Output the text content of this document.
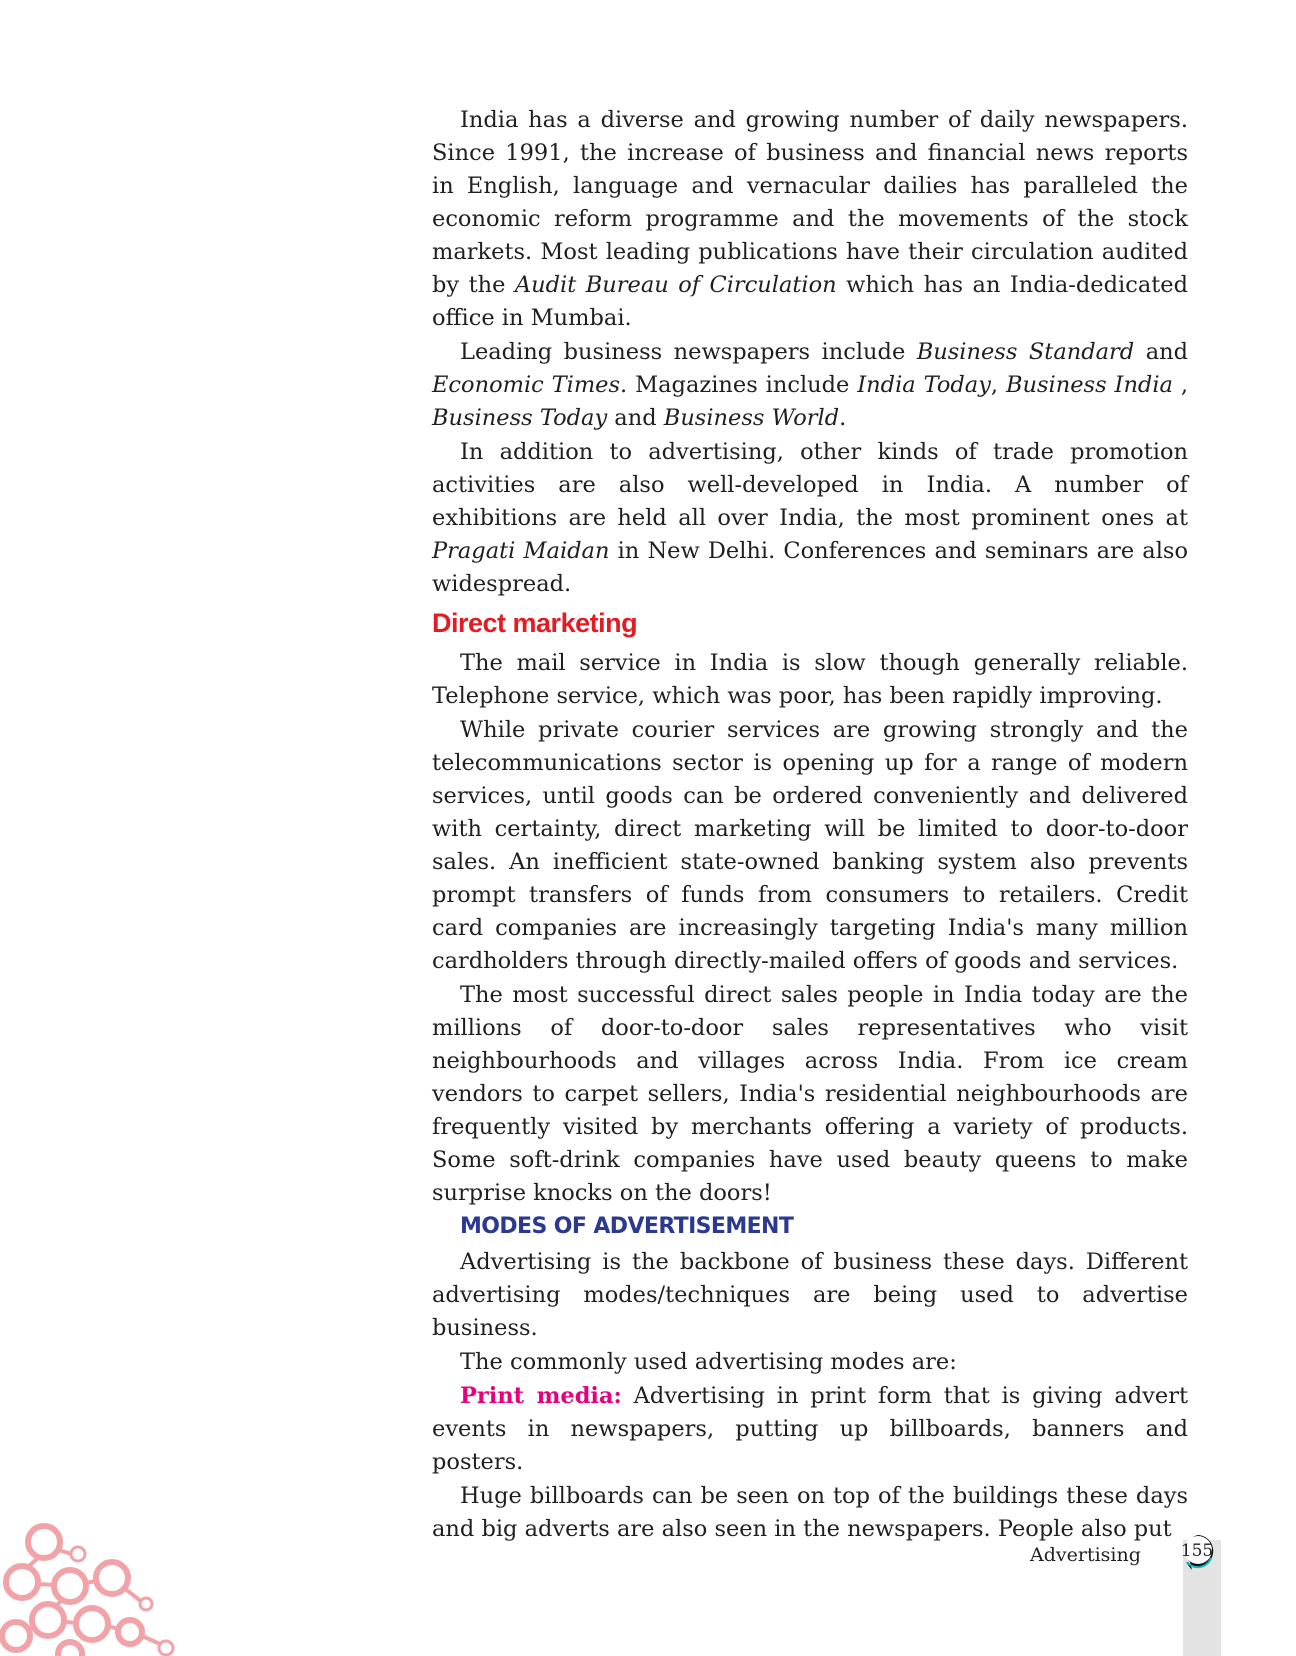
India has a diverse and growing number of daily newspapers. Since 1991, the increase of business and financial news reports in English, language and vernacular dailies has paralleled the economic reform programme and the movements of the stock markets. Most leading publications have their circulation audited by the Audit Bureau of Circulation which has an India-dedicated office in Mumbai.

Leading business newspapers include Business Standard and Economic Times. Magazines include India Today, Business India , Business Today and Business World.

In addition to advertising, other kinds of trade promotion activities are also well-developed in India. A number of exhibitions are held all over India, the most prominent ones at Pragati Maidan in New Delhi. Conferences and seminars are also widespread.

Direct marketing

The mail service in India is slow though generally reliable. Telephone service, which was poor, has been rapidly improving.

While private courier services are growing strongly and the telecommunications sector is opening up for a range of modern services, until goods can be ordered conveniently and delivered with certainty, direct marketing will be limited to door-to-door sales. An inefficient state-owned banking system also prevents prompt transfers of funds from consumers to retailers. Credit card companies are increasingly targeting India's many million cardholders through directly-mailed offers of goods and services.

The most successful direct sales people in India today are the millions of door-to-door sales representatives who visit neighbourhoods and villages across India. From ice cream vendors to carpet sellers, India's residential neighbourhoods are frequently visited by merchants offering a variety of products. Some soft-drink companies have used beauty queens to make surprise knocks on the doors!

MODES OF ADVERTISEMENT

Advertising is the backbone of business these days. Different advertising modes/techniques are being used to advertise business.

The commonly used advertising modes are:

Print media: Advertising in print form that is giving advert events in newspapers, putting up billboards, banners and posters.

Huge billboards can be seen on top of the buildings these days and big adverts are also seen in the newspapers. People also put

Advertising 155
